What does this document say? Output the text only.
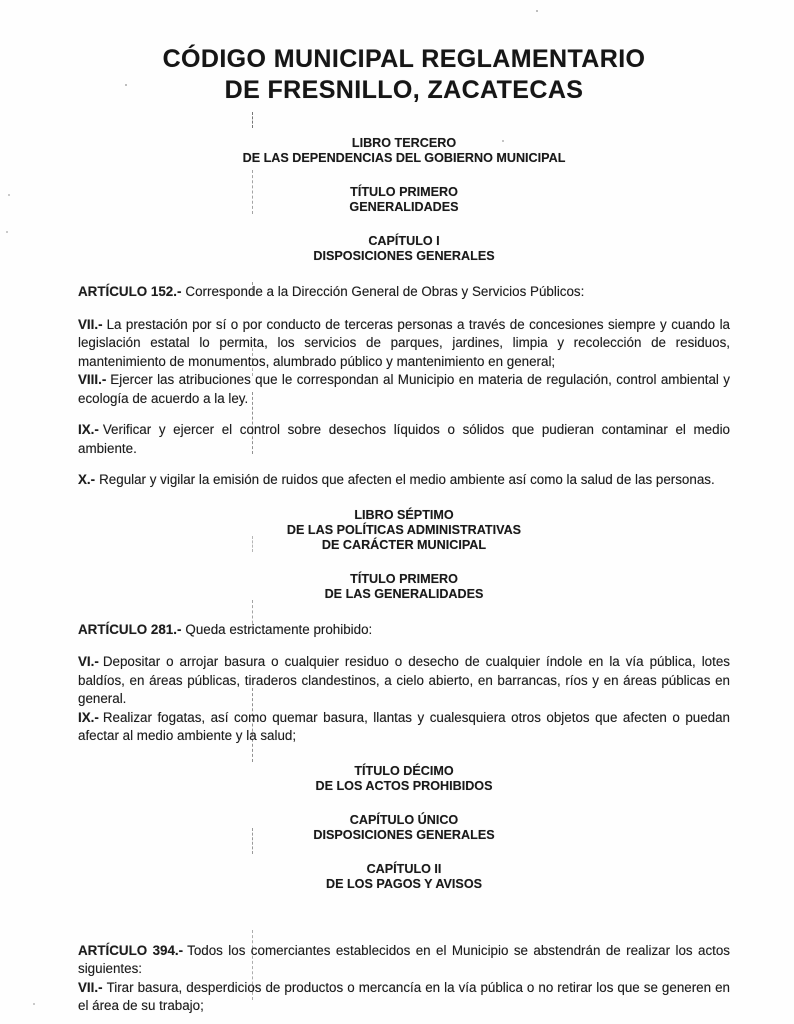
CÓDIGO MUNICIPAL REGLAMENTARIO
DE FRESNILLO, ZACATECAS
LIBRO TERCERO
DE LAS DEPENDENCIAS DEL GOBIERNO MUNICIPAL
TÍTULO PRIMERO
GENERALIDADES
CAPÍTULO I
DISPOSICIONES GENERALES

ARTÍCULO 152.- Corresponde a la Dirección General de Obras y Servicios Públicos:

VII.- La prestación por sí o por conducto de terceras personas a través de concesiones siempre y cuando la legislación estatal lo permita, los servicios de parques, jardines, limpia y recolección de residuos, mantenimiento de monumentos, alumbrado público y mantenimiento en general;

VIII.- Ejercer las atribuciones que le correspondan al Municipio en materia de regulación, control ambiental y ecología de acuerdo a la ley.

IX.- Verificar y ejercer el control sobre desechos líquidos o sólidos que pudieran contaminar el medio ambiente.

X.- Regular y vigilar la emisión de ruidos que afecten el medio ambiente así como la salud de las personas.

LIBRO SÉPTIMO
DE LAS POLÍTICAS ADMINISTRATIVAS
DE CARÁCTER MUNICIPAL
TÍTULO PRIMERO
DE LAS GENERALIDADES

ARTÍCULO 281.- Queda estrictamente prohibido:

VI.- Depositar o arrojar basura o cualquier residuo o desecho de cualquier índole en la vía pública, lotes baldíos, en áreas públicas, tiraderos clandestinos, a cielo abierto, en barrancas, ríos y en áreas públicas en general.

IX.- Realizar fogatas, así como quemar basura, llantas y cualesquiera otros objetos que afecten o puedan afectar al medio ambiente y la salud;

TÍTULO DÉCIMO
DE LOS ACTOS PROHIBIDOS
CAPÍTULO ÚNICO
DISPOSICIONES GENERALES
CAPÍTULO II
DE LOS PAGOS Y AVISOS

ARTÍCULO 394.- Todos los comerciantes establecidos en el Municipio se abstendrán de realizar los actos siguientes:

VII.- Tirar basura, desperdicios de productos o mercancía en la vía pública o no retirar los que se generen en el área de su trabajo;
